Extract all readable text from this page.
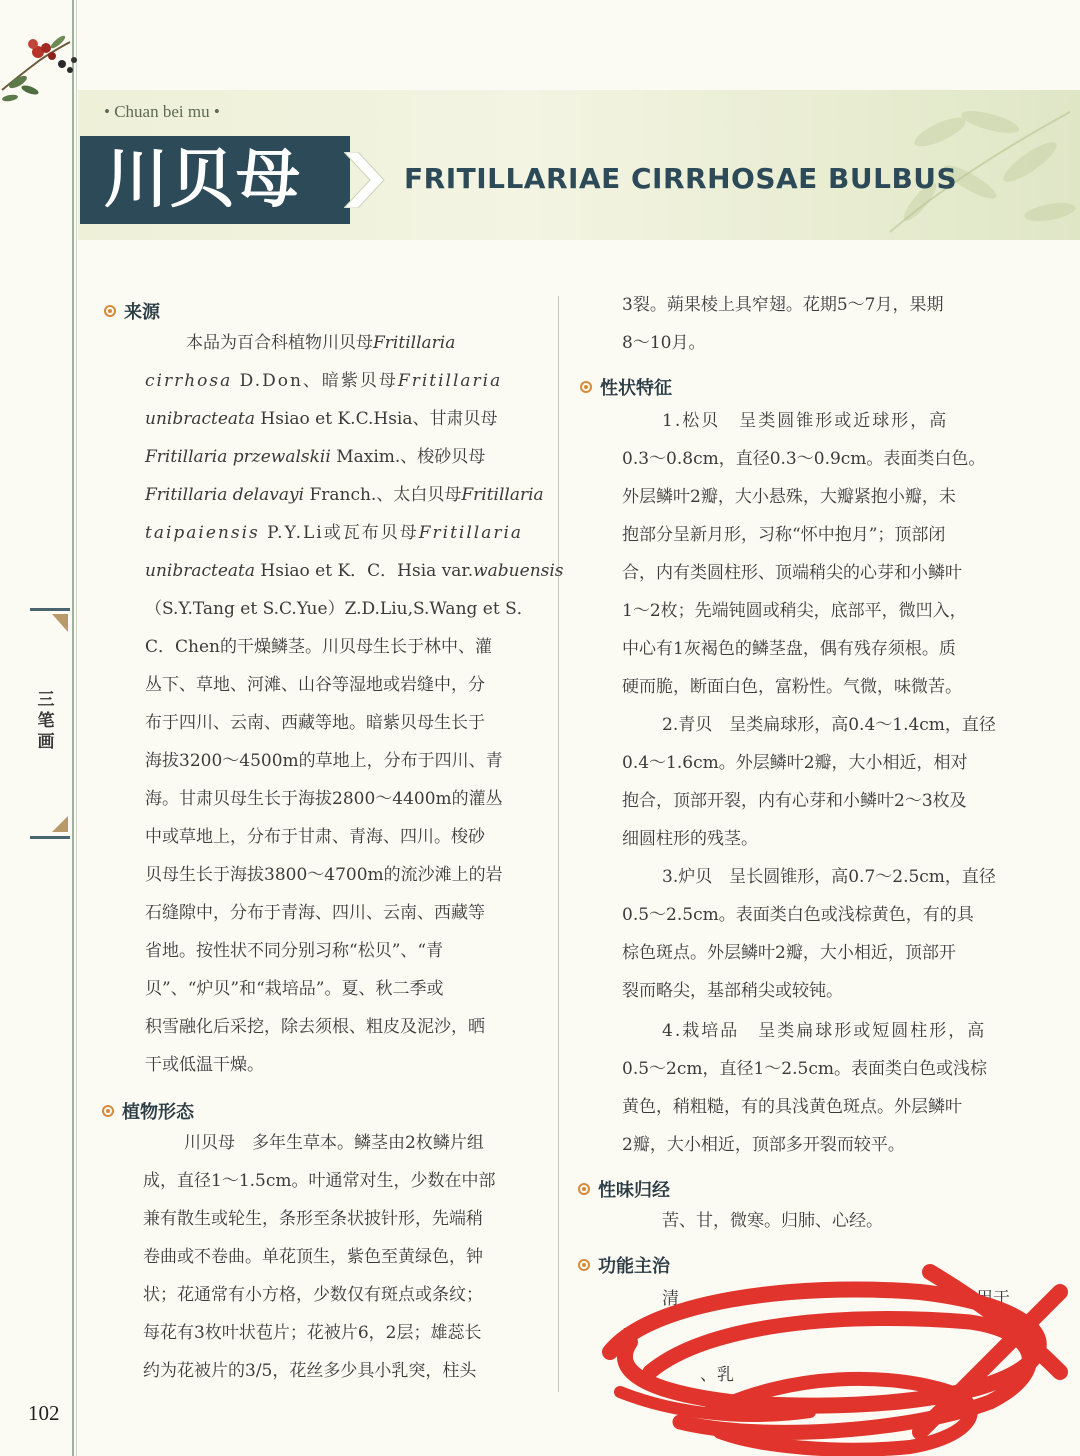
三笔画
102
• Chuan bei mu •
川贝母	FRITILLARIAE CIRRHOSAE BULBUS
来源
本品为百合科植物川贝母Fritillaria
cirrhosa D.Don、暗紫贝母Fritillaria
unibracteata Hsiao et K.C.Hsia、甘肃贝母
Fritillaria przewalskii Maxim.、梭砂贝母
Fritillaria delavayi Franch.、太白贝母Fritillaria
taipaiensis P.Y.Li或瓦布贝母Fritillaria
unibracteata Hsiao et K．C．Hsia var.wabuensis
（S.Y.Tang et S.C.Yue）Z.D.Liu,S.Wang et S．
C．Chen的干燥鳞茎。川贝母生长于林中、灌
丛下、草地、河滩、山谷等湿地或岩缝中，分
布于四川、云南、西藏等地。暗紫贝母生长于
海拔3200～4500m的草地上，分布于四川、青
海。甘肃贝母生长于海拔2800～4400m的灌丛
中或草地上，分布于甘肃、青海、四川。梭砂
贝母生长于海拔3800～4700m的流沙滩上的岩
石缝隙中，分布于青海、四川、云南、西藏等
省地。按性状不同分别习称“松贝”、“青
贝”、“炉贝”和“栽培品”。夏、秋二季或
积雪融化后采挖，除去须根、粗皮及泥沙，晒
干或低温干燥。
植物形态
川贝母　多年生草本。鳞茎由2枚鳞片组
成，直径1～1.5cm。叶通常对生，少数在中部
兼有散生或轮生，条形至条状披针形，先端稍
卷曲或不卷曲。单花顶生，紫色至黄绿色，钟
状；花通常有小方格，少数仅有斑点或条纹；
每花有3枚叶状苞片；花被片6，2层；雄蕊长
约为花被片的3/5，花丝多少具小乳突，柱头
3裂。蒴果棱上具窄翅。花期5～7月，果期
8～10月。
性状特征
1.松贝　呈类圆锥形或近球形，高
0.3～0.8cm，直径0.3～0.9cm。表面类白色。
外层鳞叶2瓣，大小悬殊，大瓣紧抱小瓣，未
抱部分呈新月形，习称“怀中抱月”；顶部闭
合，内有类圆柱形、顶端稍尖的心芽和小鳞叶
1～2枚；先端钝圆或稍尖，底部平，微凹入，
中心有1灰褐色的鳞茎盘，偶有残存须根。质
硬而脆，断面白色，富粉性。气微，味微苦。
2.青贝　呈类扁球形，高0.4～1.4cm，直径
0.4～1.6cm。外层鳞叶2瓣，大小相近，相对
抱合，顶部开裂，内有心芽和小鳞叶2～3枚及
细圆柱形的残茎。
3.炉贝　呈长圆锥形，高0.7～2.5cm，直径
0.5～2.5cm。表面类白色或浅棕黄色，有的具
棕色斑点。外层鳞叶2瓣，大小相近，顶部开
裂而略尖，基部稍尖或较钝。
4.栽培品　呈类扁球形或短圆柱形，高
0.5～2cm，直径1～2.5cm。表面类白色或浅棕
黄色，稍粗糙，有的具浅黄色斑点。外层鳞叶
2瓣，大小相近，顶部多开裂而较平。
性味归经
苦、甘，微寒。归肺、心经。
功能主治
清	用于
肺
、乳
